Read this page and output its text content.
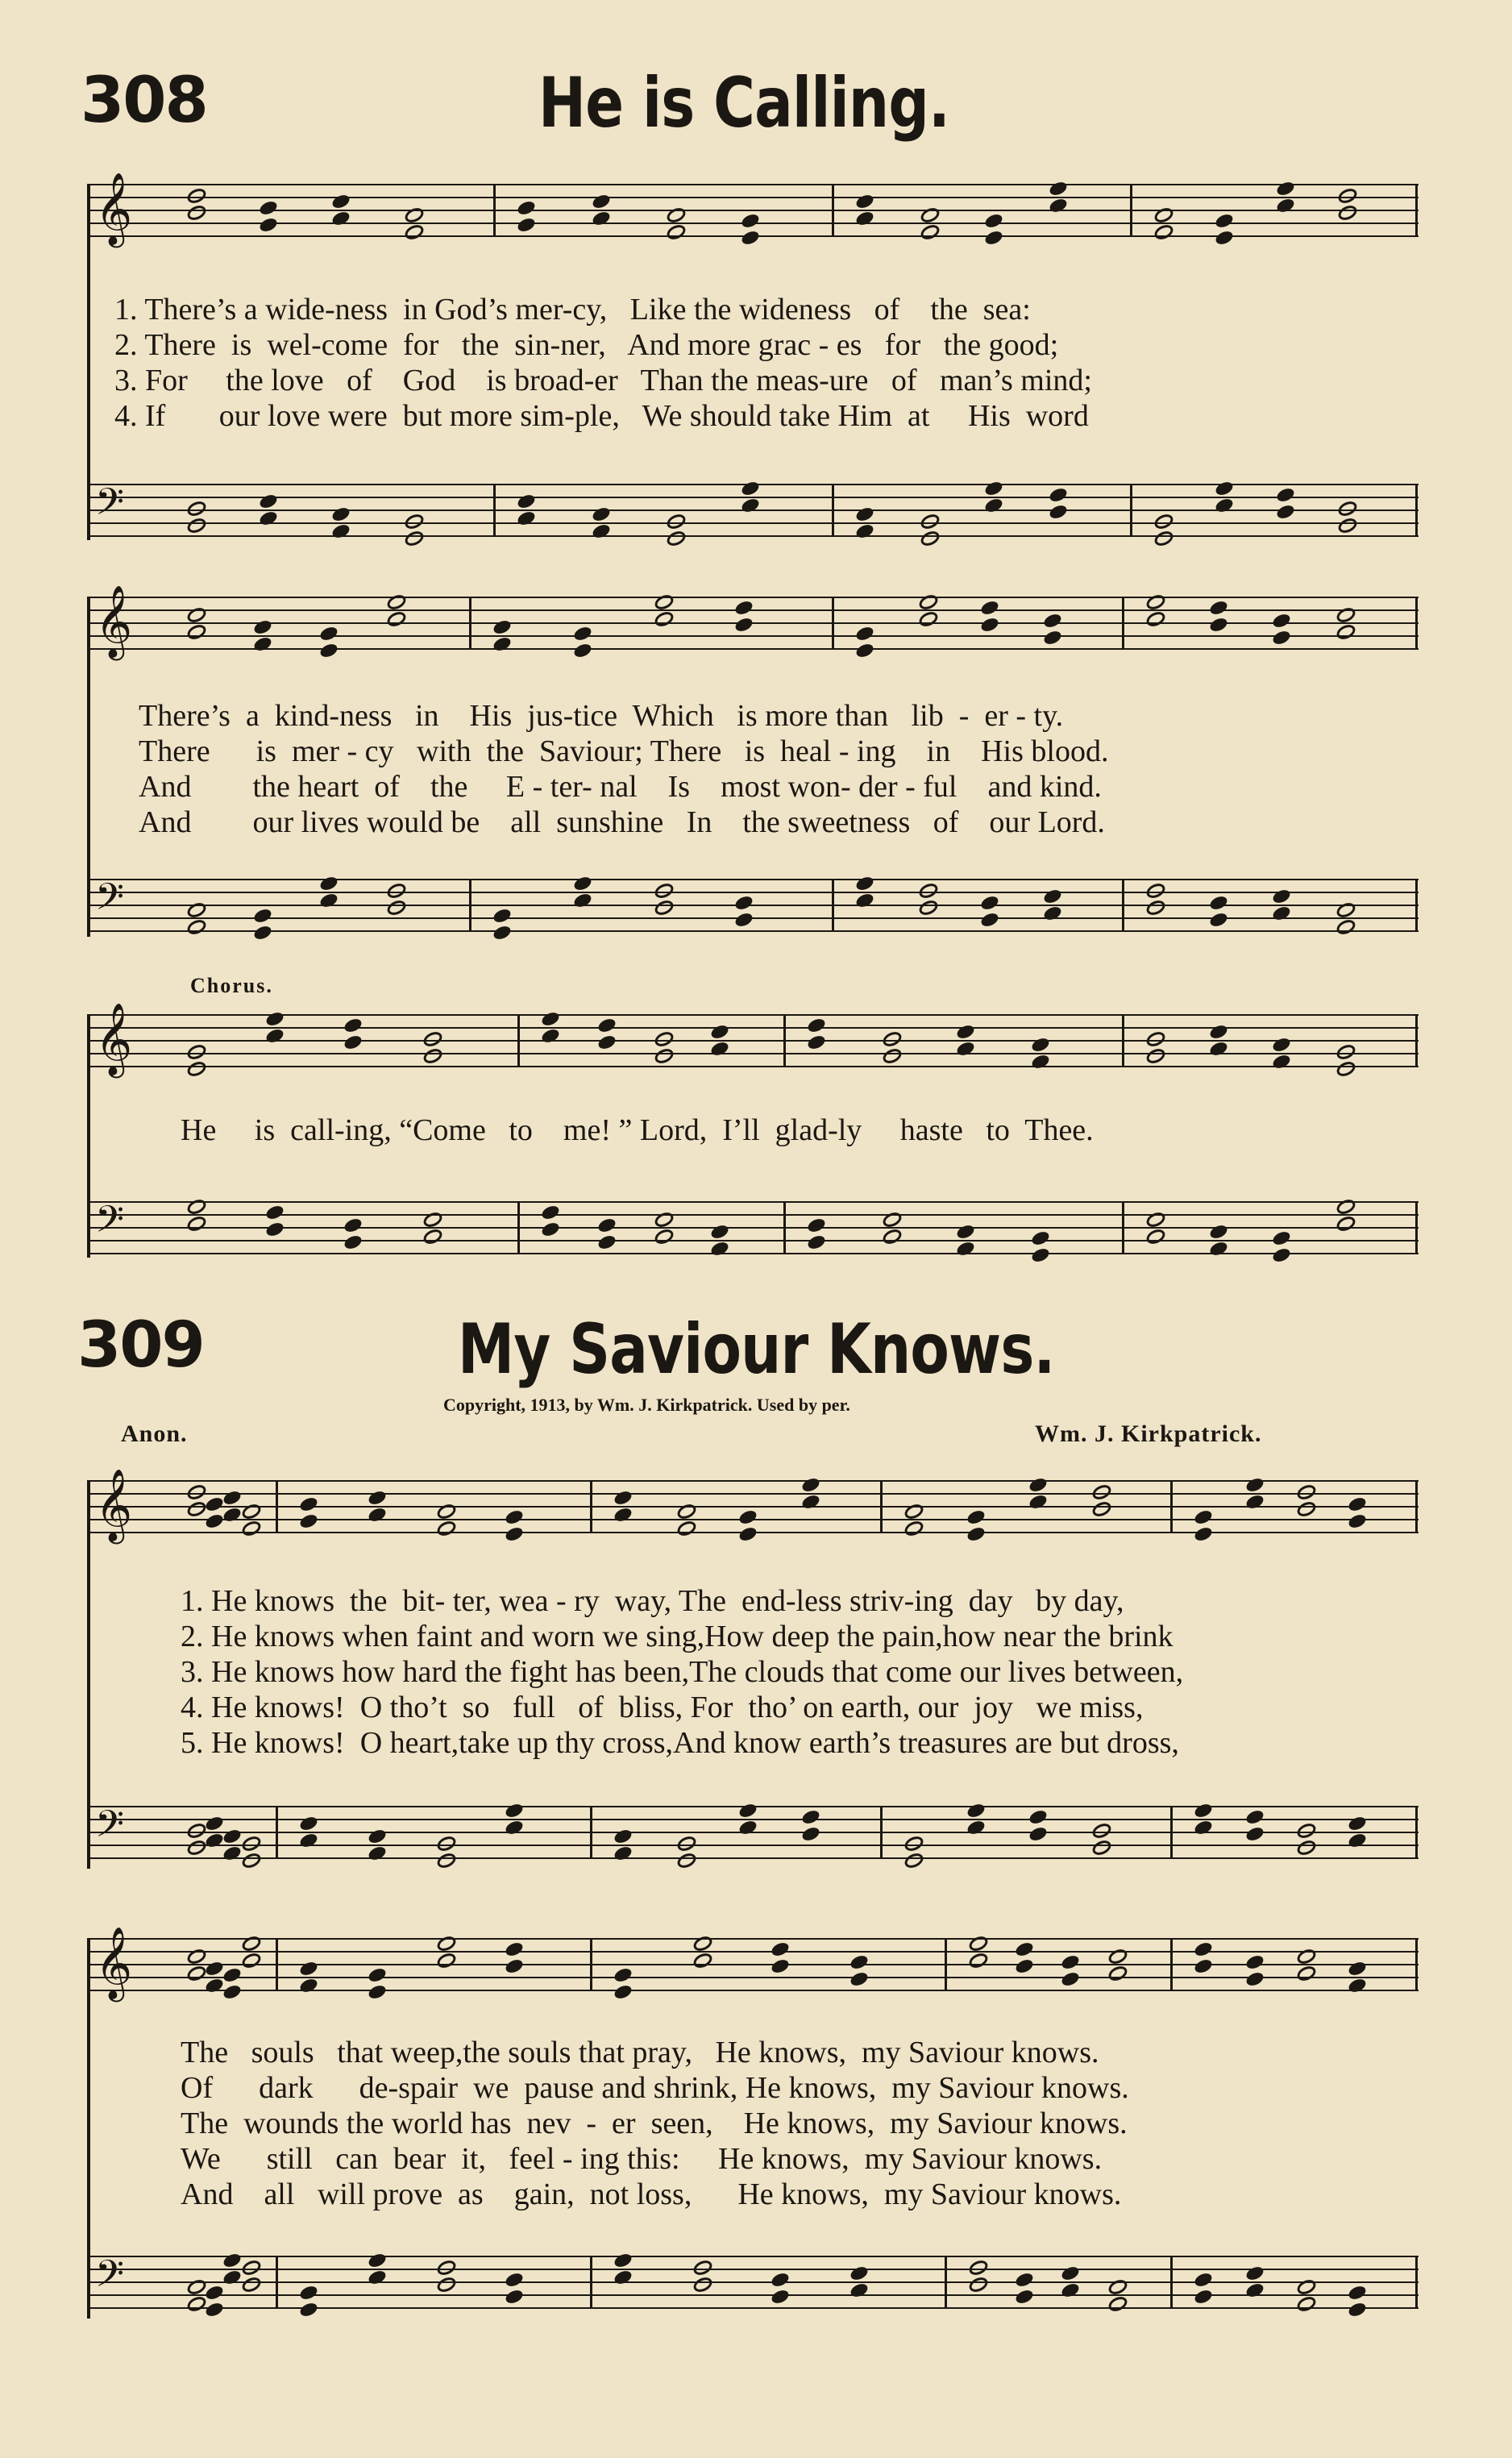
308	He is Calling.
𝄞
1. There’s a wide-ness  in God’s mer-cy,   Like the wideness   of    the  sea:
2. There  is  wel-come  for   the  sin-ner,   And more grac - es   for   the good;
3. For     the love   of    God    is broad-er   Than the meas-ure   of   man’s mind;
4. If       our love were  but more sim-ple,   We should take Him  at     His  word
𝄢
𝄞
There’s  a  kind-ness   in    His  jus-tice  Which   is more than   lib  -  er - ty.
There      is  mer - cy   with  the  Saviour; There   is  heal - ing    in    His blood.
And        the heart  of    the     E - ter- nal    Is    most won- der - ful    and kind.
And        our lives would be    all  sunshine   In    the sweetness   of    our Lord.
𝄢
Chorus.
𝄞
He     is  call-ing, “Come   to    me! ” Lord,  I’ll  glad-ly     haste   to  Thee.
𝄢
309	My Saviour Knows.
Copyright, 1913, by Wm. J. Kirkpatrick. Used by per.
Anon.	Wm. J. Kirkpatrick.
𝄞
1. He knows  the  bit- ter, wea - ry  way, The  end-less striv-ing  day   by day,
2. He knows when faint and worn we sing,How deep the pain,how near the brink
3. He knows how hard the fight has been,The clouds that come our lives between,
4. He knows!  O tho’t  so   full   of  bliss, For  tho’ on earth, our  joy   we miss,
5. He knows!  O heart,take up thy cross,And know earth’s treasures are but dross,
𝄢
𝄞
The   souls   that weep,the souls that pray,   He knows,  my Saviour knows.
Of      dark      de-spair  we  pause and shrink, He knows,  my Saviour knows.
The  wounds the world has  nev  -  er  seen,    He knows,  my Saviour knows.
We      still   can  bear  it,   feel - ing this:     He knows,  my Saviour knows.
And    all   will prove  as    gain,  not loss,      He knows,  my Saviour knows.
𝄢
